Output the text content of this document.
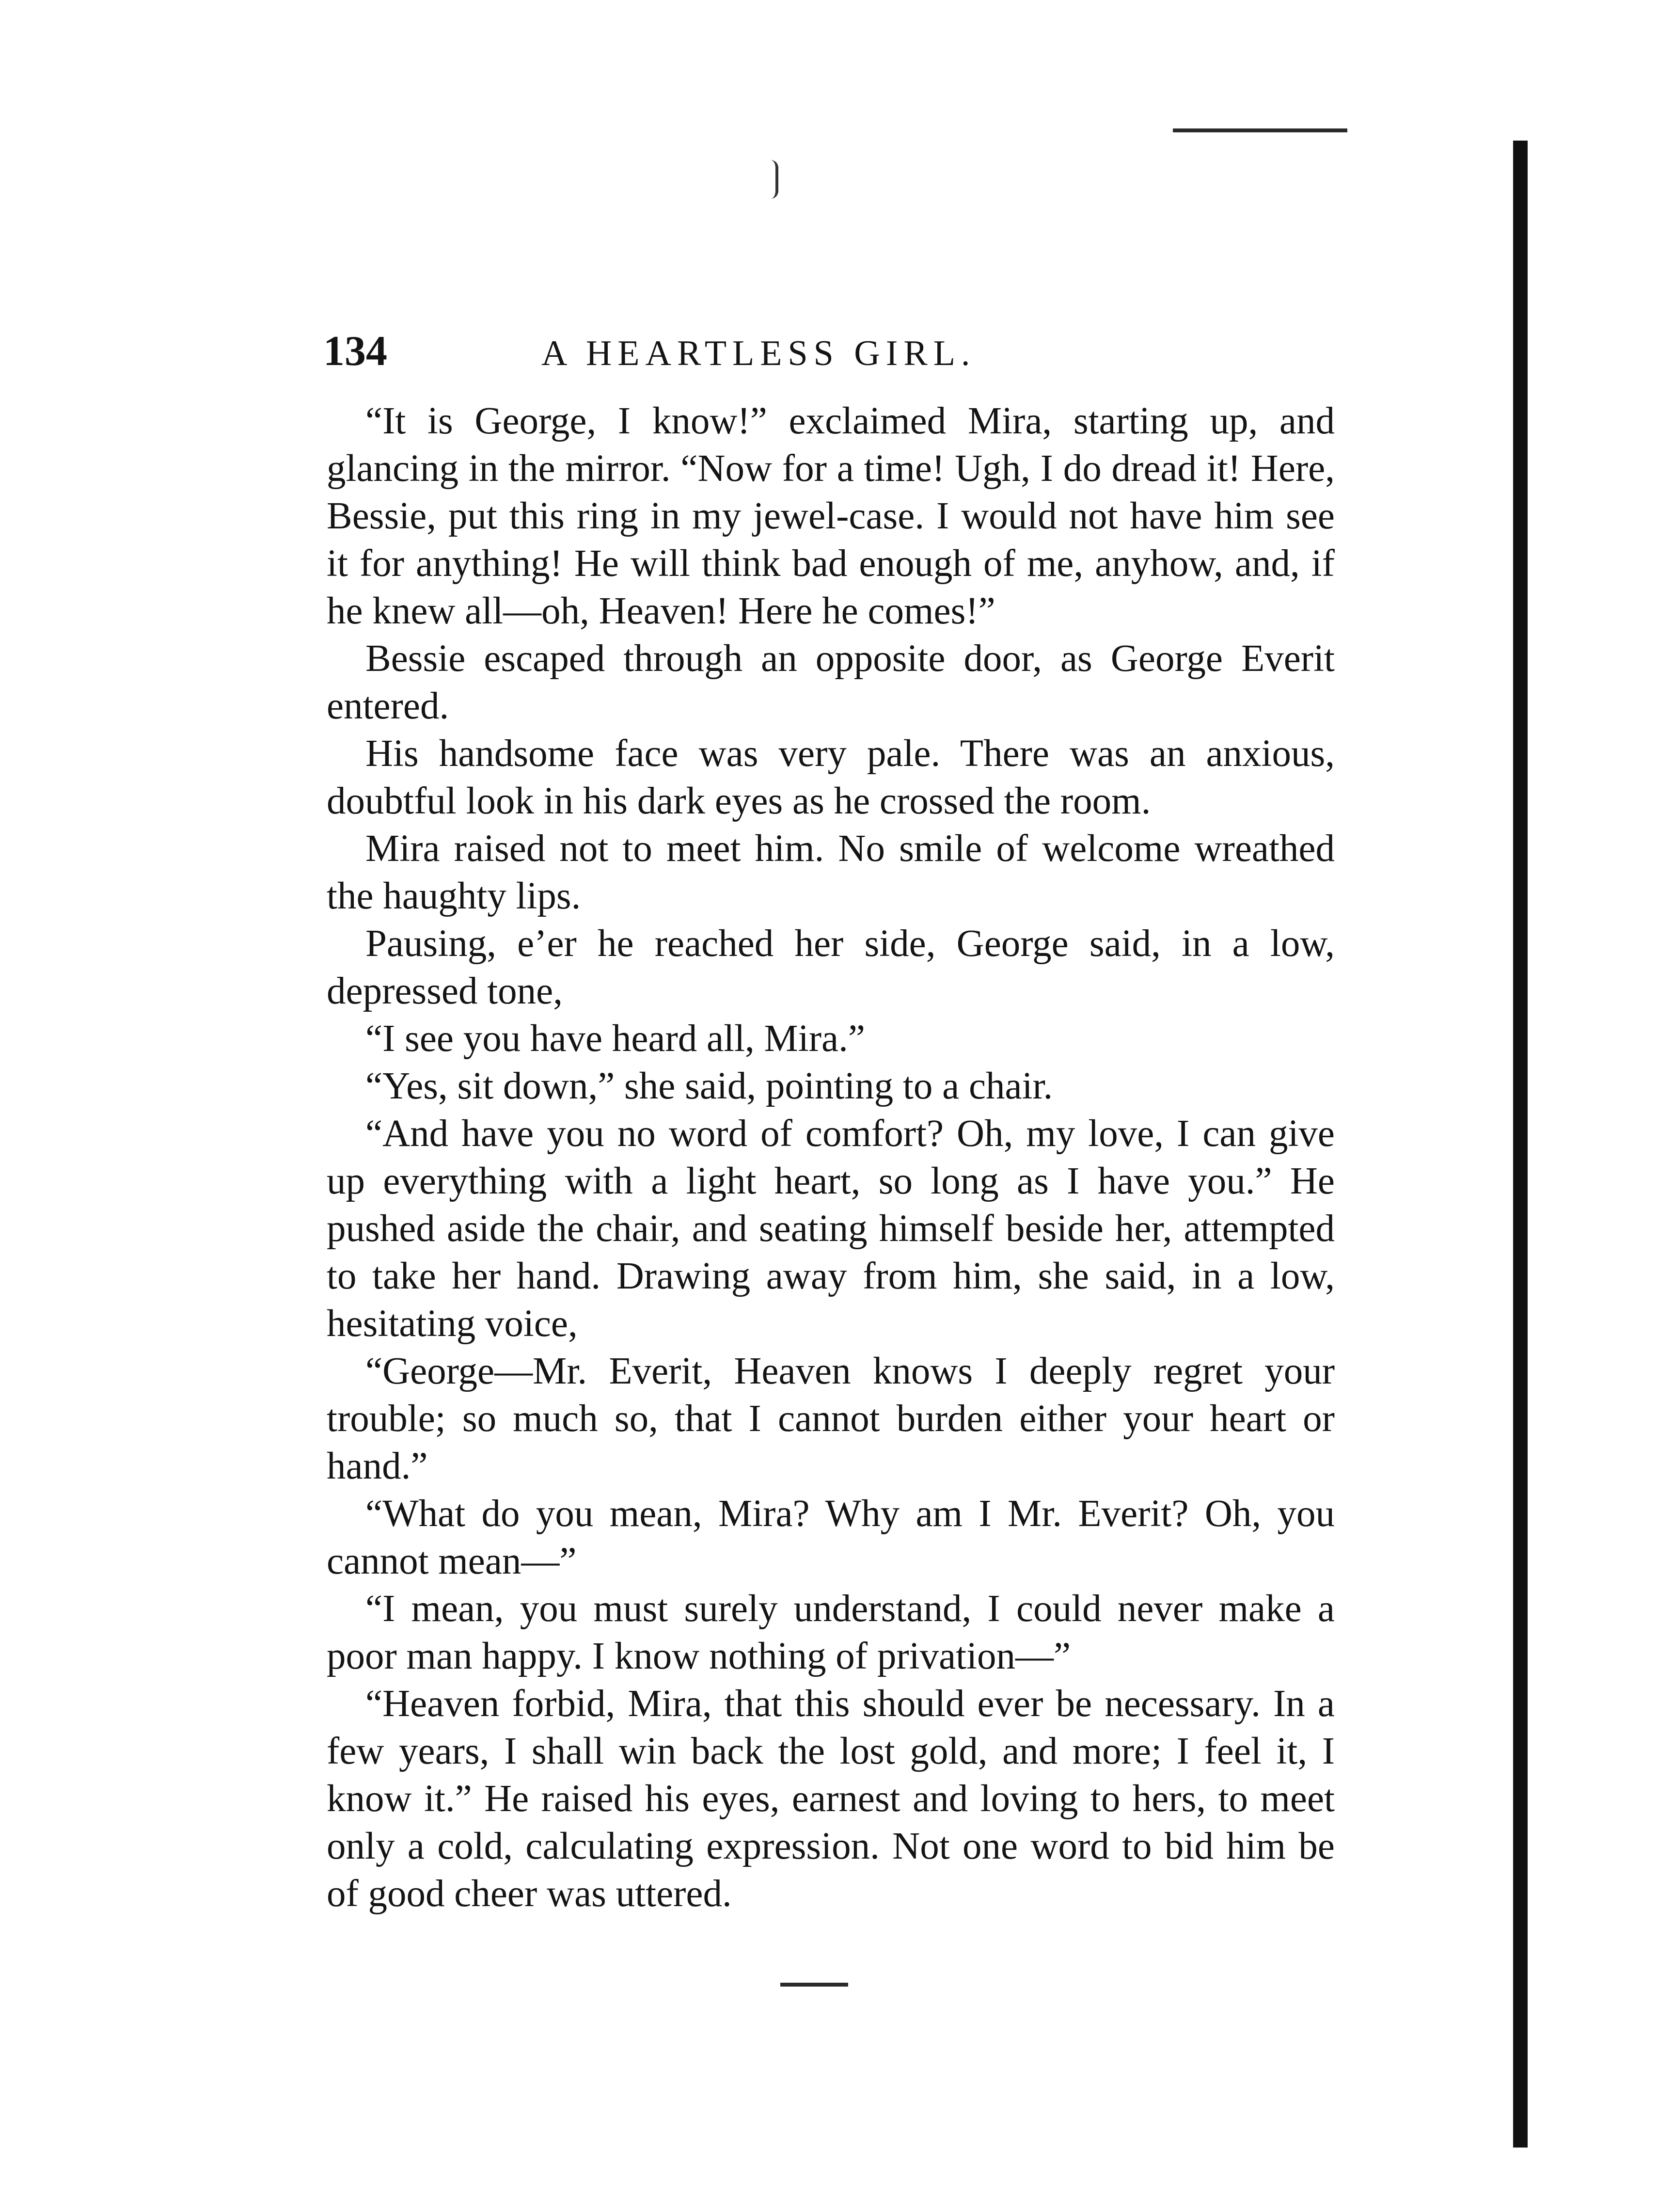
134	A HEARTLESS GIRL.

“It is George, I know!” exclaimed Mira, starting up, and glancing in the mirror. “Now for a time! Ugh, I do dread it! Here, Bessie, put this ring in my jewel-case. I would not have him see it for anything! He will think bad enough of me, anyhow, and, if he knew all—oh, Heaven! Here he comes!”

Bessie escaped through an opposite door, as George Everit entered.

His handsome face was very pale. There was an anxious, doubtful look in his dark eyes as he crossed the room.

Mira raised not to meet him. No smile of welcome wreathed the haughty lips.

Pausing, e’er he reached her side, George said, in a low, depressed tone,

“I see you have heard all, Mira.”

“Yes, sit down,” she said, pointing to a chair.

“And have you no word of comfort? Oh, my love, I can give up everything with a light heart, so long as I have you.” He pushed aside the chair, and seating himself beside her, attempted to take her hand. Drawing away from him, she said, in a low, hesitating voice,

“George—Mr. Everit, Heaven knows I deeply regret your trouble; so much so, that I cannot burden either your heart or hand.”

“What do you mean, Mira? Why am I Mr. Everit? Oh, you cannot mean—”

“I mean, you must surely understand, I could never make a poor man happy. I know nothing of privation—”

“Heaven forbid, Mira, that this should ever be necessary. In a few years, I shall win back the lost gold, and more; I feel it, I know it.” He raised his eyes, earnest and loving to hers, to meet only a cold, calculating expression. Not one word to bid him be of good cheer was uttered.
